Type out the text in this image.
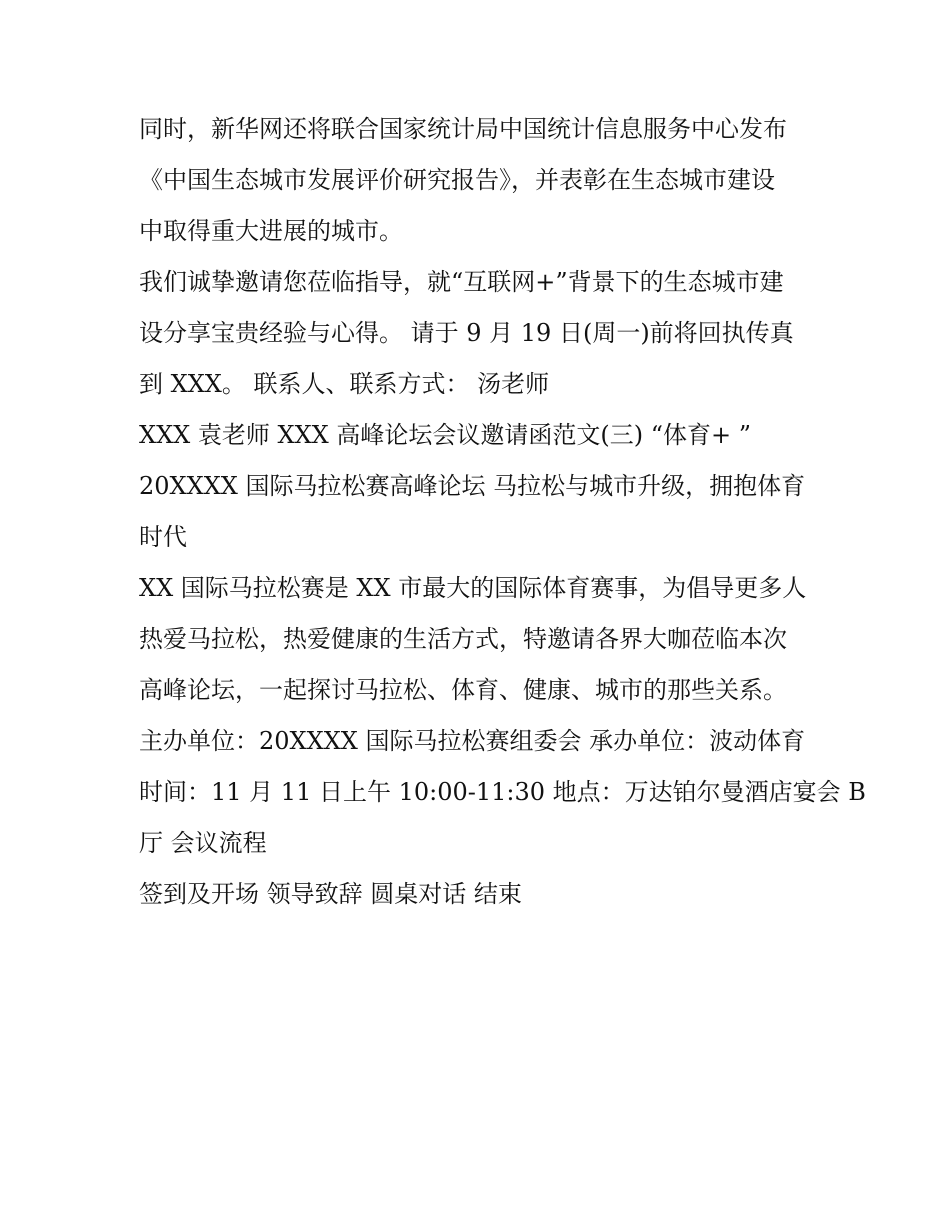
同时，新华网还将联合国家统计局中国统计信息服务中心发布
《中国生态城市发展评价研究报告》，并表彰在生态城市建设
中取得重大进展的城市。

我们诚挚邀请您莅临指导，就“互联网+”背景下的生态城市建
设分享宝贵经验与心得。 请于 9 月 19 日(周一)前将回执传真
到 XXX。 联系人、联系方式： 汤老师

XXX 袁老师 XXX 高峰论坛会议邀请函范文(三) “体育+ ”

20XXXX 国际马拉松赛高峰论坛 马拉松与城市升级，拥抱体育
时代

XX 国际马拉松赛是 XX 市最大的国际体育赛事，为倡导更多人
热爱马拉松，热爱健康的生活方式，特邀请各界大咖莅临本次
高峰论坛，一起探讨马拉松、体育、健康、城市的那些关系。

主办单位：20XXXX 国际马拉松赛组委会 承办单位：波动体育

时间：11 月 11 日上午 10:00-11:30 地点：万达铂尔曼酒店宴会 B
厅 会议流程

签到及开场 领导致辞 圆桌对话 结束
